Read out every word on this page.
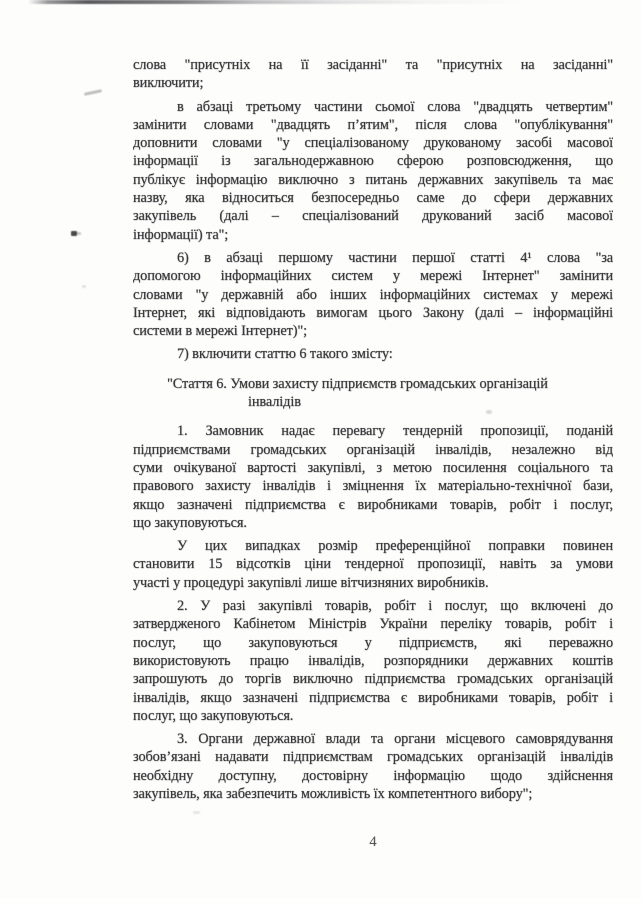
слова "присутніх на її засіданні" та "присутніх на засіданні"
виключити;
в абзаці третьому частини сьомої слова "двадцять четвертим"
замінити словами "двадцять п’ятим", після слова "опублікування"
доповнити словами "у спеціалізованому друкованому засобі масової
інформації із загальнодержавною сферою розповсюдження, що
публікує інформацію виключно з питань державних закупівель та має
назву, яка відноситься безпосередньо саме до сфери державних
закупівель (далі – спеціалізований друкований засіб масової
інформації) та";
6) в абзаці першому частини першої статті 4¹ слова "за
допомогою інформаційних систем у мережі Інтернет" замінити
словами "у державній або інших інформаційних системах у мережі
Інтернет, які відповідають вимогам цього Закону (далі – інформаційні
системи в мережі Інтернет)";
7) включити статтю 6 такого змісту:
"Стаття 6. Умови захисту підприємств громадських організацій
інвалідів
1. Замовник надає перевагу тендерній пропозиції, поданій
підприємствами громадських організацій інвалідів, незалежно від
суми очікуваної вартості закупівлі, з метою посилення соціального та
правового захисту інвалідів і зміцнення їх матеріально-технічної бази,
якщо зазначені підприємства є виробниками товарів, робіт і послуг,
що закуповуються.
У цих випадках розмір преференційної поправки повинен
становити 15 відсотків ціни тендерної пропозиції, навіть за умови
участі у процедурі закупівлі лише вітчизняних виробників.
2. У разі закупівлі товарів, робіт і послуг, що включені до
затвердженого Кабінетом Міністрів України переліку товарів, робіт і
послуг, що закуповуються у підприємств, які переважно
використовують працю інвалідів, розпорядники державних коштів
запрошують до торгів виключно підприємства громадських організацій
інвалідів, якщо зазначені підприємства є виробниками товарів, робіт і
послуг, що закуповуються.
3. Органи державної влади та органи місцевого самоврядування
зобов’язані надавати підприємствам громадських організацій інвалідів
необхідну доступну, достовірну інформацію щодо здійснення
закупівель, яка забезпечить можливість їх компетентного вибору";
4
